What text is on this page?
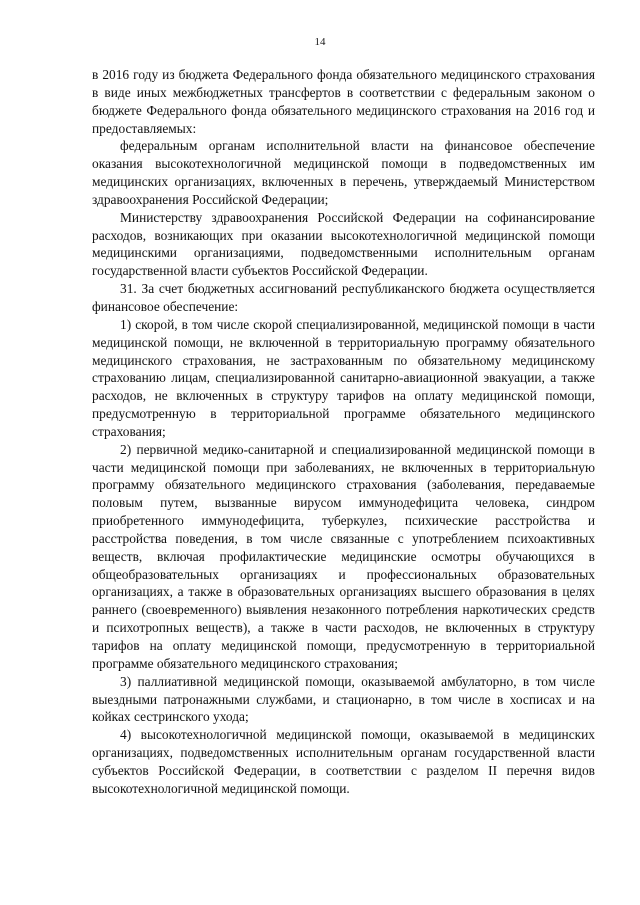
14

в 2016 году из бюджета Федерального фонда обязательного медицинского страхования в виде иных межбюджетных трансфертов в соответствии с федеральным законом о бюджете Федерального фонда обязательного медицинского страхования на 2016 год и предоставляемых:

федеральным органам исполнительной власти на финансовое обеспечение оказания высокотехнологичной медицинской помощи в подведомственных им медицинских организациях, включенных в перечень, утверждаемый Министерством здравоохранения Российской Федерации;

Министерству здравоохранения Российской Федерации на софинансирование расходов, возникающих при оказании высокотехнологичной медицинской помощи медицинскими организациями, подведомственными исполнительным органам государственной власти субъектов Российской Федерации.

31. За счет бюджетных ассигнований республиканского бюджета осуществляется финансовое обеспечение:

1) скорой, в том числе скорой специализированной, медицинской помощи в части медицинской помощи, не включенной в территориальную программу обязательного медицинского страхования, не застрахованным по обязательному медицинскому страхованию лицам, специализированной санитарно-авиационной эвакуации, а также расходов, не включенных в структуру тарифов на оплату медицинской помощи, предусмотренную в территориальной программе обязательного медицинского страхования;

2) первичной медико-санитарной и специализированной медицинской помощи в части медицинской помощи при заболеваниях, не включенных в территориальную программу обязательного медицинского страхования (заболевания, передаваемые половым путем, вызванные вирусом иммунодефицита человека, синдром приобретенного иммунодефицита, туберкулез, психические расстройства и расстройства поведения, в том числе связанные с употреблением психоактивных веществ, включая профилактические медицинские осмотры обучающихся в общеобразовательных организациях и профессиональных образовательных организациях, а также в образовательных организациях высшего образования в целях раннего (своевременного) выявления незаконного потребления наркотических средств и психотропных веществ), а также в части расходов, не включенных в структуру тарифов на оплату медицинской помощи, предусмотренную в территориальной программе обязательного медицинского страхования;

3) паллиативной медицинской помощи, оказываемой амбулаторно, в том числе выездными патронажными службами, и стационарно, в том числе в хосписах и на койках сестринского ухода;

4) высокотехнологичной медицинской помощи, оказываемой в медицинских организациях, подведомственных исполнительным органам государственной власти субъектов Российской Федерации, в соответствии с разделом II перечня видов высокотехнологичной медицинской помощи.
